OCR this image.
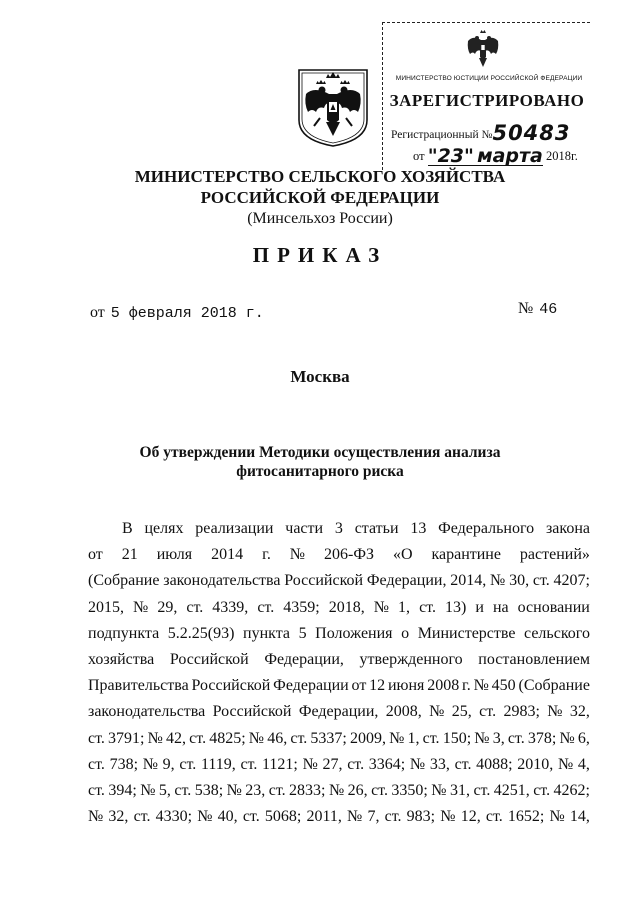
МИНИСТЕРСТВО ЮСТИЦИИ РОССИЙСКОЙ ФЕДЕРАЦИИ
ЗАРЕГИСТРИРОВАНО
Регистрационный №50483
от "23" марта 2018г.
МИНИСТЕРСТВО СЕЛЬСКОГО ХОЗЯЙСТВА
РОССИЙСКОЙ ФЕДЕРАЦИИ
(Минсельхоз России)
ПРИКАЗ
от 5 февраля 2018 г.	№ 46
Москва
Об утверждении Методики осуществления анализа
фитосанитарного риска
В целях реализации части 3 статьи 13 Федерального закона
от 21 июля 2014 г. № 206-ФЗ «О карантине растений»
(Собрание законодательства Российской Федерации, 2014, № 30, ст. 4207;
2015, № 29, ст. 4339, ст. 4359; 2018, № 1, ст. 13) и на основании
подпункта 5.2.25(93) пункта 5 Положения о Министерстве сельского
хозяйства Российской Федерации, утвержденного постановлением
Правительства Российской Федерации от 12 июня 2008 г. № 450 (Собрание
законодательства Российской Федерации, 2008, № 25, ст. 2983; № 32,
ст. 3791; № 42, ст. 4825; № 46, ст. 5337; 2009, № 1, ст. 150; № 3, ст. 378; № 6,
ст. 738; № 9, ст. 1119, ст. 1121; № 27, ст. 3364; № 33, ст. 4088; 2010, № 4,
ст. 394; № 5, ст. 538; № 23, ст. 2833; № 26, ст. 3350; № 31, ст. 4251, ст. 4262;
№ 32, ст. 4330; № 40, ст. 5068; 2011, № 7, ст. 983; № 12, ст. 1652; № 14,
